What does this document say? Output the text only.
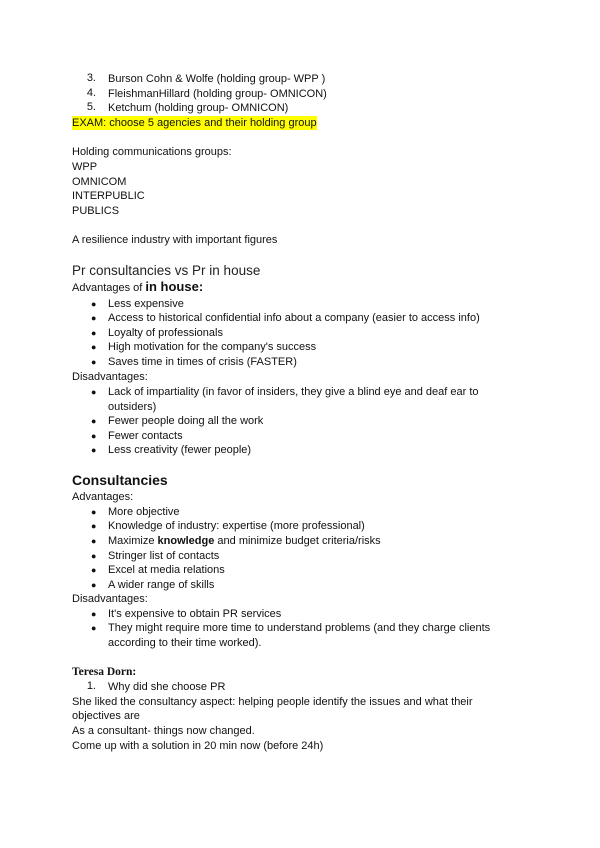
3. Burson Cohn & Wolfe (holding group- WPP )
4. FleishmanHillard (holding group- OMNICON)
5. Ketchum (holding group- OMNICON)
EXAM: choose 5 agencies and their holding group
Holding communications groups:
WPP
OMNICOM
INTERPUBLIC
PUBLICS
A resilience industry with important figures
Pr consultancies vs Pr in house
Advantages of in house:
● Less expensive
● Access to historical confidential info about a company (easier to access info)
● Loyalty of professionals
● High motivation for the company's success
● Saves time in times of crisis (FASTER)
Disadvantages:
● Lack of impartiality (in favor of insiders, they give a blind eye and deaf ear to
outsiders)
● Fewer people doing all the work
● Fewer contacts
● Less creativity (fewer people)
Consultancies
Advantages:
● More objective
● Knowledge of industry: expertise (more professional)
● Maximize knowledge and minimize budget criteria/risks
● Stringer list of contacts
● Excel at media relations
● A wider range of skills
Disadvantages:
● It's expensive to obtain PR services
● They might require more time to understand problems (and they charge clients
according to their time worked).
Teresa Dorn:
1. Why did she choose PR
She liked the consultancy aspect: helping people identify the issues and what their
objectives are
As a consultant- things now changed.
Come up with a solution in 20 min now (before 24h)
